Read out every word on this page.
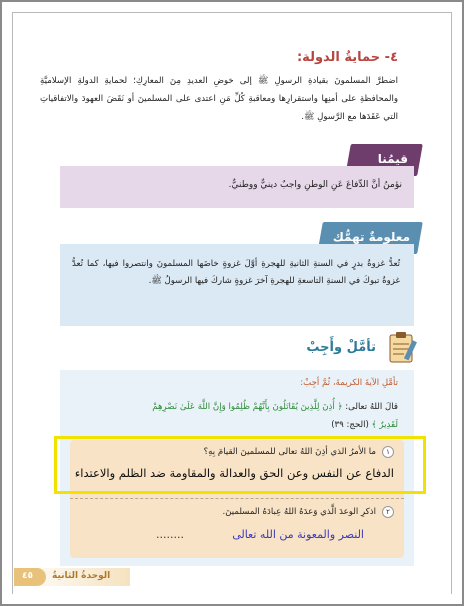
٤- حمايةُ الدولة:
اضطرَّ المسلمونَ بقيادةِ الرسولِ ﷺ إلى خوضِ العديدِ مِنَ المعارِكِ؛ لحمايةِ الدولةِ الإسلاميَّةِ والمحافظةِ على أمنِها واستقرارِها ومعاقبةِ كُلِّ مَنِ اعتدى على المسلمينَ أو نَقَضَ العهودَ والاتفاقياتِ التي عَقَدَها مع الرَّسولِ ﷺ.
قيمُنا
نؤمنُ أنَّ الدِّفاعَ عَنِ الوطنِ واجبٌ دينيٌّ ووطنيٌّ.
معلومةٌ تهمُّك
تُعدُّ غزوةُ بدرٍ في السنةِ الثانيةِ للهجرةِ أوَّلَ غزوةٍ خاضَها المسلمونَ وانتصروا فيها، كما تُعدُّ غزوةُ تبوكَ في السنةِ التاسعةِ للهجرةِ آخرَ غزوةٍ شاركَ فيها الرسولُ ﷺ.
تأمَّلْ وأَجِبْ
تأمَّلِ الآيةَ الكريمةَ، ثُمَّ أجِبْ:
قالَ اللهُ تعالى: ﴿ أُذِنَ لِلَّذِينَ يُقَاتَلُونَ بِأَنَّهُمْ ظُلِمُوا وَإِنَّ اللَّهَ عَلَىٰ نَصْرِهِمْ
لَقَدِيرٌ ﴾ (الحج: ٣٩)
١
ما الأمرُ الذي أذِنَ اللهُ تعالى للمسلمينَ القيامَ بِهِ؟
الدفاع عن النفس وعن الحق والعدالة والمقاومة ضد الظلم والاعتداء
٢
اذكرِ الوعدَ الَّذي وَعدَهُ اللهُ عِبادَهُ المسلمينَ.
النصر والمعونة من الله تعالى
........
٤٥ الوحدةُ الثانيةُ
